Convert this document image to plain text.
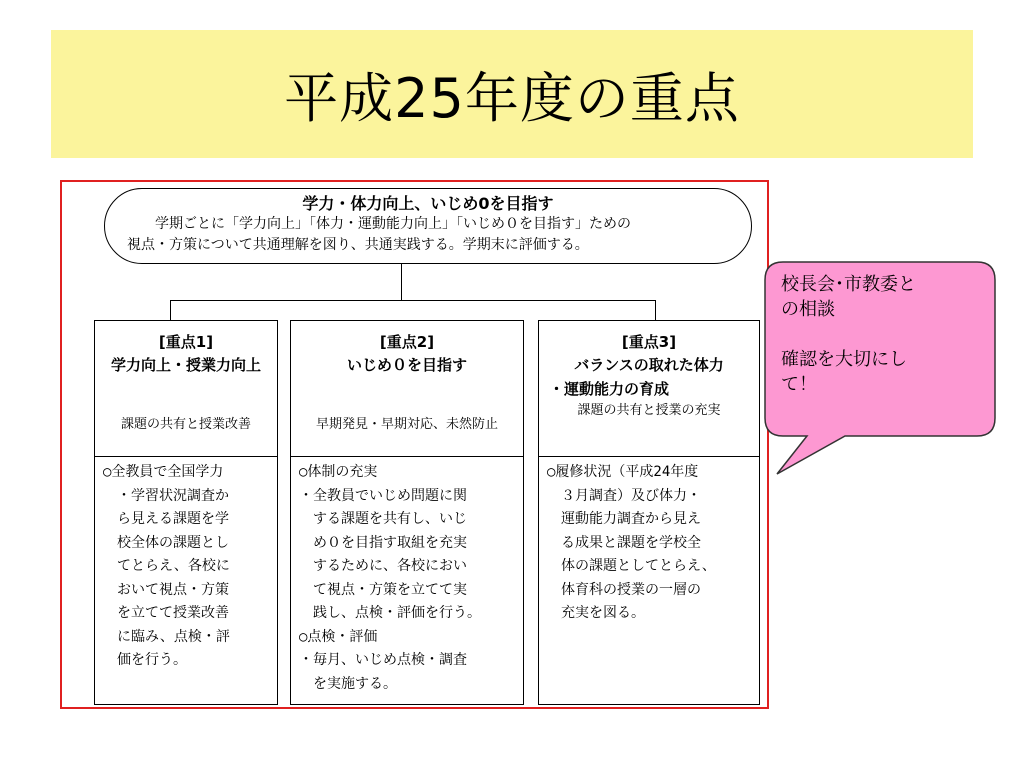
平成25年度の重点
学力・体力向上、いじめ0を目指す
学期ごとに「学力向上」「体力・運動能力向上」「いじめ０を目指す」ための
視点・方策について共通理解を図り、共通実践する。学期末に評価する。
[重点1]
学力向上・授業力向上
課題の共有と授業改善
○全教員で全国学力
　・学習状況調査か
　ら見える課題を学
　校全体の課題とし
　てとらえ、各校に
　おいて視点・方策
　を立てて授業改善
　に臨み、点検・評
　価を行う。
[重点2]
いじめ０を目指す
早期発見・早期対応、未然防止
○体制の充実
・全教員でいじめ問題に関
　する課題を共有し、いじ
　め０を目指す取組を充実
　するために、各校におい
　て視点・方策を立てて実
　践し、点検・評価を行う。
○点検・評価
・毎月、いじめ点検・調査
　を実施する。
[重点3]
バランスの取れた体力
・運動能力の育成
課題の共有と授業の充実
○履修状況（平成24年度
　３月調査）及び体力・
　運動能力調査から見え
　る成果と課題を学校全
　体の課題としてとらえ、
　体育科の授業の一層の
　充実を図る。

校長会･市教委と
の相談

確認を大切にし
て！
